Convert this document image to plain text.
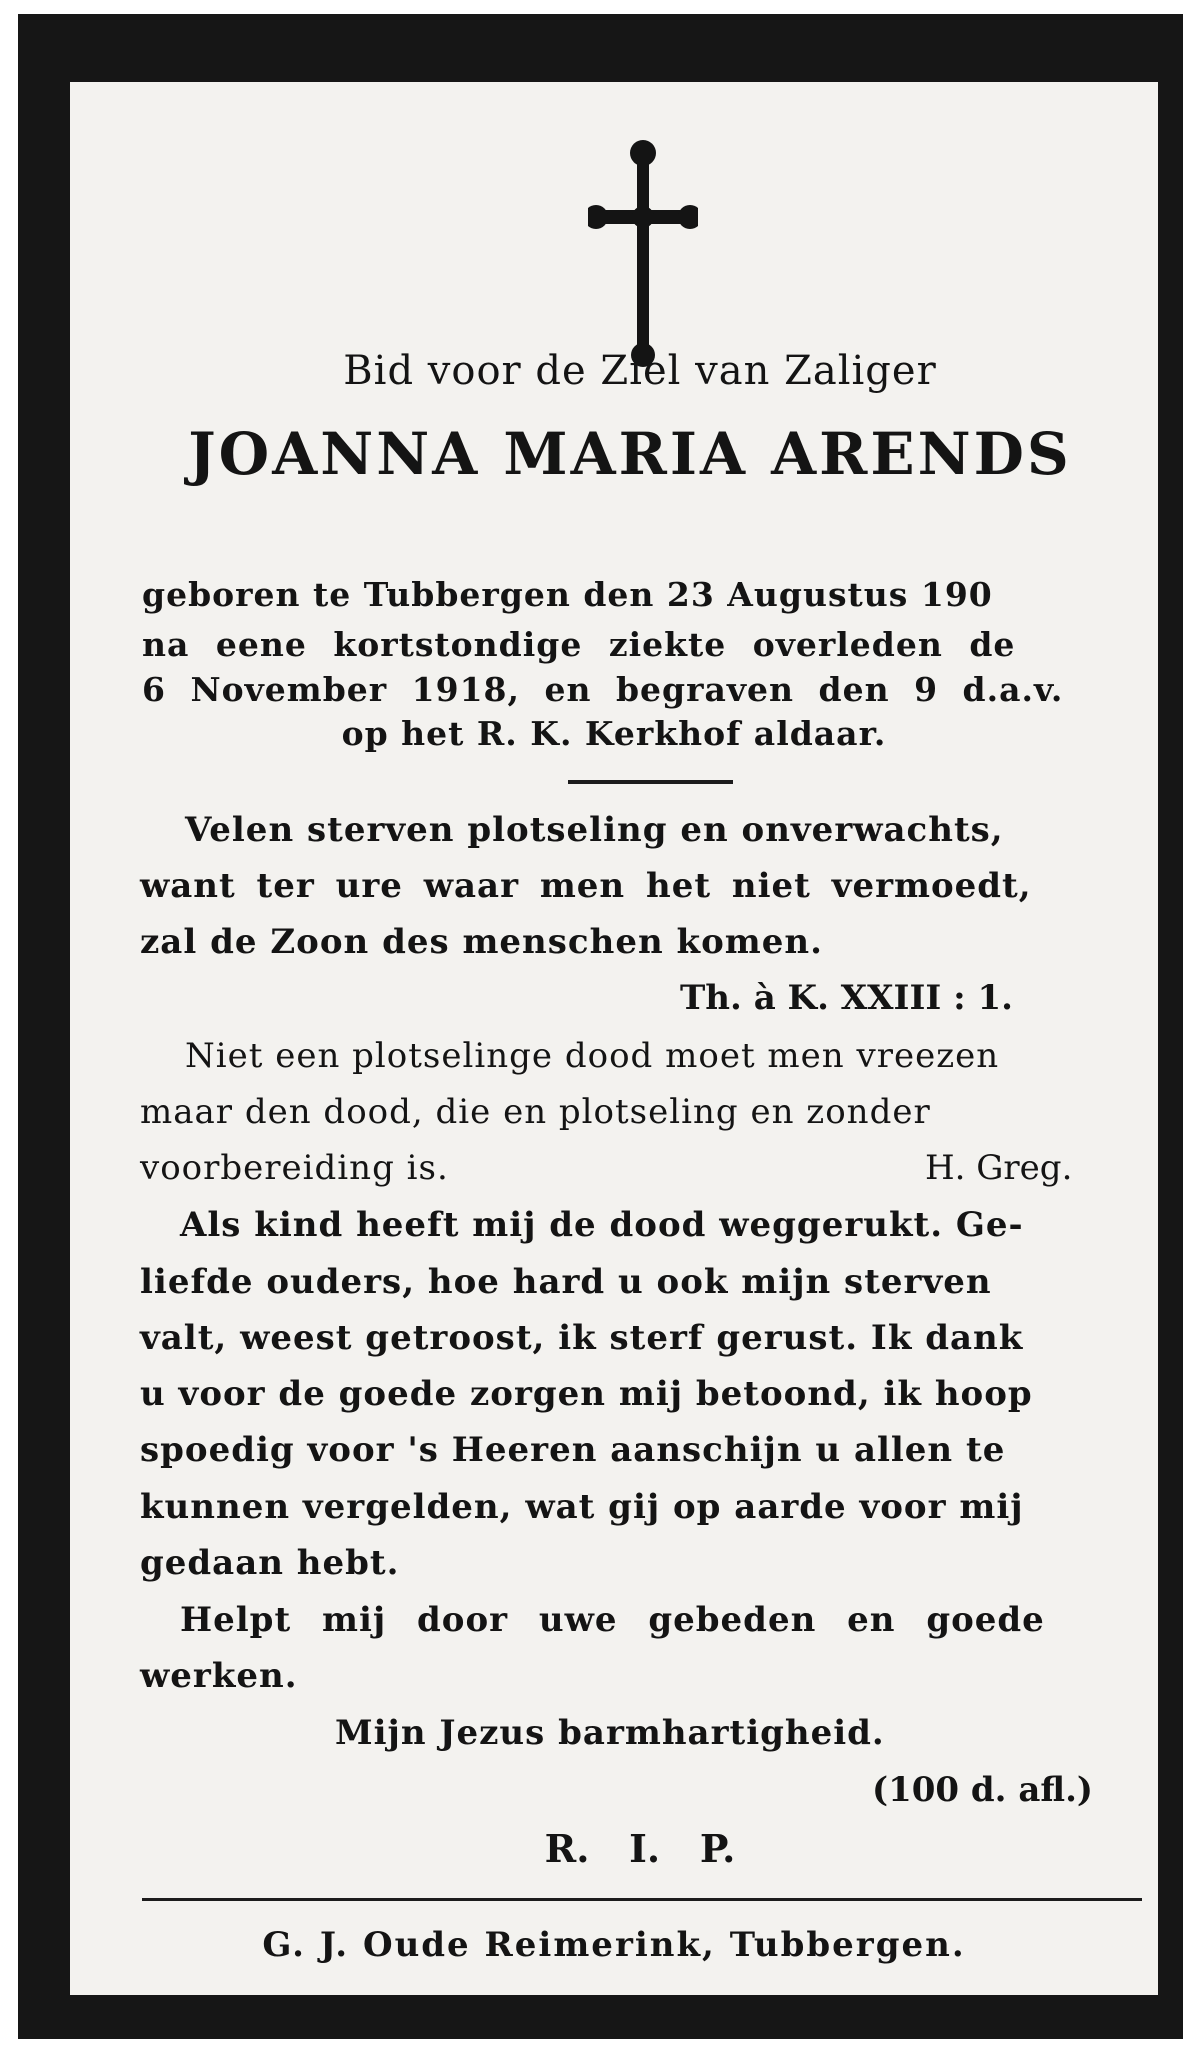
Bid voor de Ziel van Zaliger
JOANNA MARIA ARENDS
geboren te Tubbergen den 23 Augustus 190
na eene kortstondige ziekte overleden de
6 November 1918, en begraven den 9 d.a.v.
op het R. K. Kerkhof aldaar.
Velen sterven plotseling en onverwachts,
want ter ure waar men het niet vermoedt,
zal de Zoon des menschen komen.
Th. à K. XXIII : 1.
Niet een plotselinge dood moet men vreezen
maar den dood, die en plotseling en zonder
voorbereiding is.	H. Greg.
Als kind heeft mij de dood weggerukt. Ge-
liefde ouders, hoe hard u ook mijn sterven
valt, weest getroost, ik sterf gerust. Ik dank
u voor de goede zorgen mij betoond, ik hoop
spoedig voor 's Heeren aanschijn u allen te
kunnen vergelden, wat gij op aarde voor mij
gedaan hebt.
Helpt mij door uwe gebeden en goede
werken.
Mijn Jezus barmhartigheid.
(100 d. afl.)
R.   I.   P.
G. J. Oude Reimerink, Tubbergen.
